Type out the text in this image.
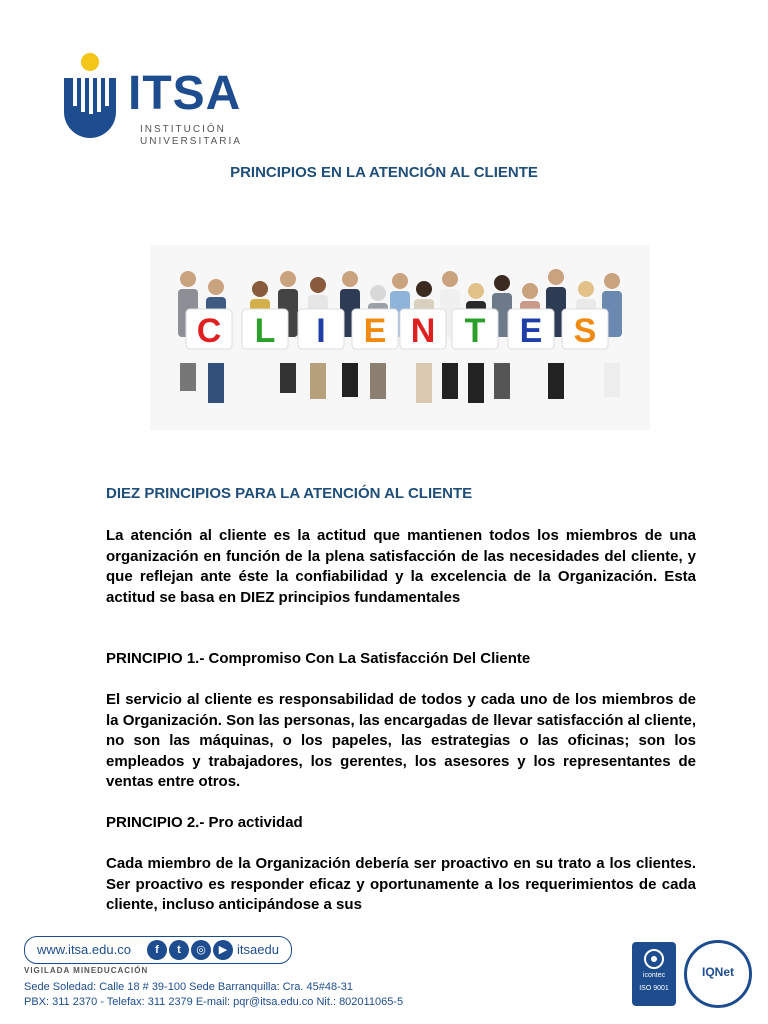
ITSA
INSTITUCIÓN
UNIVERSITARIA
PRINCIPIOS EN LA ATENCIÓN AL CLIENTE
C L I E N T E S
DIEZ PRINCIPIOS PARA LA ATENCIÓN AL CLIENTE

La atención al cliente es la actitud que mantienen todos los miembros de una organización en función de la plena satisfacción de las necesidades del cliente, y que reflejan ante éste la confiabilidad y la excelencia de la Organización. Esta actitud se basa en DIEZ principios fundamentales

PRINCIPIO 1.- Compromiso Con La Satisfacción Del Cliente

El servicio al cliente es responsabilidad de todos y cada uno de los miembros de la Organización. Son las personas, las encargadas de llevar satisfacción al cliente, no son las máquinas, o los papeles, las estrategias o las oficinas; son los empleados y trabajadores, los gerentes, los asesores y los representantes de ventas entre otros.

PRINCIPIO 2.- Pro actividad

Cada miembro de la Organización debería ser proactivo en su trato a los clientes. Ser proactivo es responder eficaz y oportunamente a los requerimientos de cada cliente, incluso anticipándose a sus

www.itsa.edu.co	f	t	◎	▶ itsaedu
VIGILADA MINEDUCACIÓN
Sede Soledad: Calle 18 # 39-100 Sede Barranquilla: Cra. 45#48-31
PBX: 311 2370 - Telefax: 311 2379 E-mail: pqr@itsa.edu.co Nit.: 802011065-5
icontec
ISO 9001
IQNet
